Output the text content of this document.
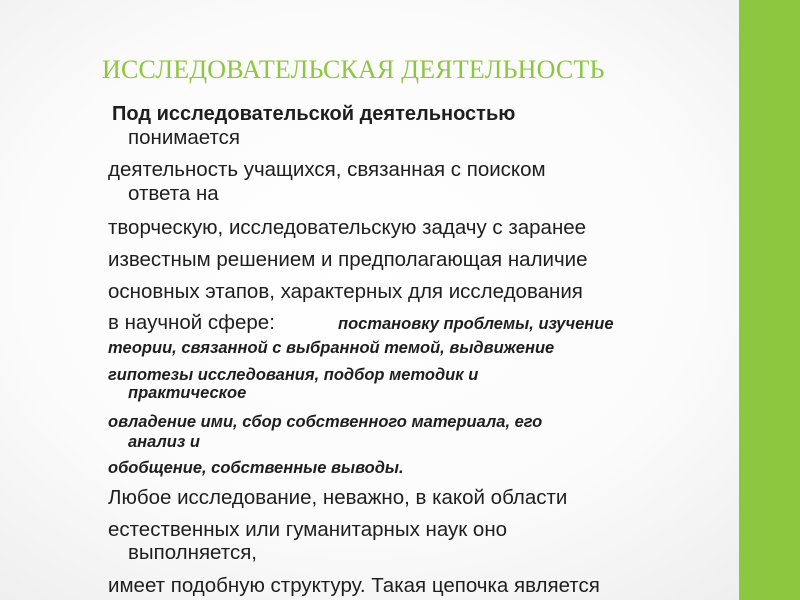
ИССЛЕДОВАТЕЛЬСКАЯ ДЕЯТЕЛЬНОСТЬ
Под исследовательской деятельностью
понимается
деятельность учащихся, связанная с поиском
ответа на
творческую, исследовательскую задачу с заранее
известным решением и предполагающая наличие
основных этапов, характерных для исследования
в научной сфере:	постановку проблемы, изучение
теории, связанной с выбранной темой, выдвижение
гипотезы исследования, подбор методик и
практическое
овладение ими, сбор собственного материала, его
анализ и
обобщение, собственные выводы.
Любое исследование, неважно, в какой области
естественных или гуманитарных наук оно
выполняется,
имеет подобную структуру. Такая цепочка является
